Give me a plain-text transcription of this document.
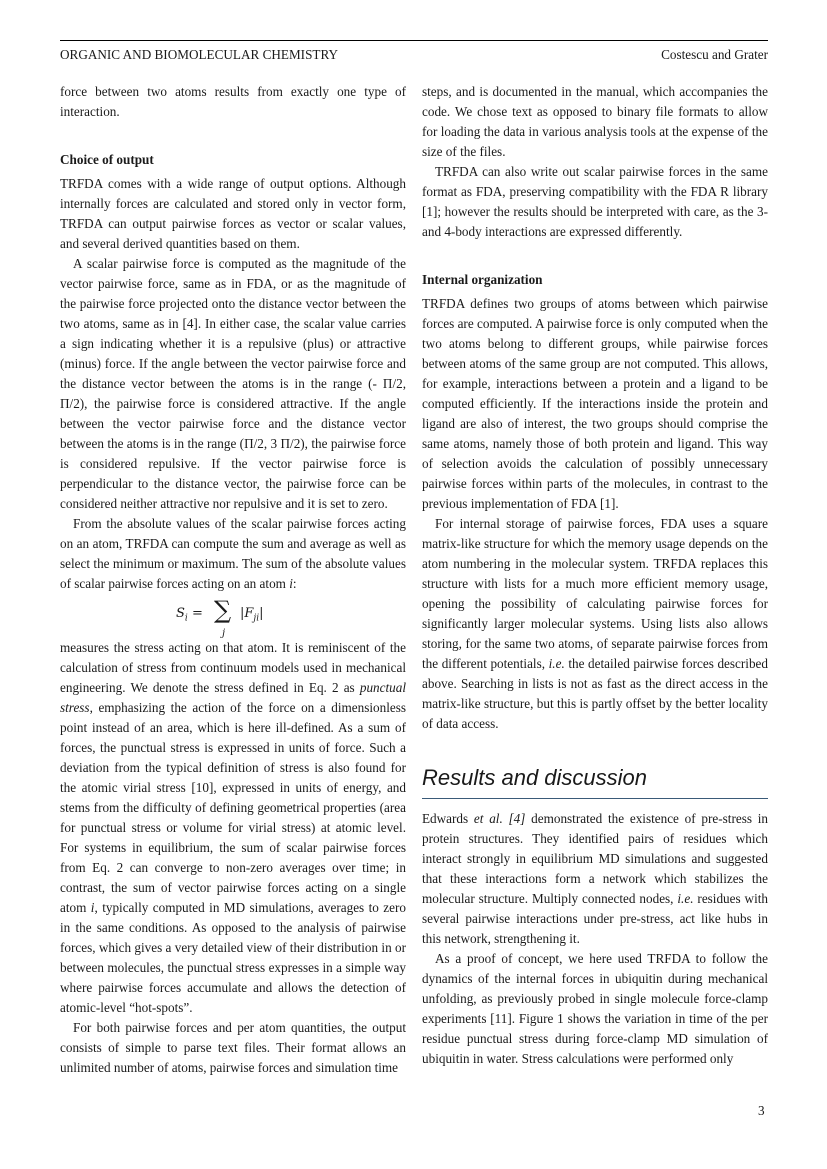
ORGANIC AND BIOMOLECULAR CHEMISTRY	Costescu and Grater

force between two atoms results from exactly one type of interaction.

Choice of output

TRFDA comes with a wide range of output options. Although internally forces are calculated and stored only in vector form, TRFDA can output pairwise forces as vector or scalar values, and several derived quantities based on them.

A scalar pairwise force is computed as the magnitude of the vector pairwise force, same as in FDA, or as the magnitude of the pairwise force projected onto the distance vector between the two atoms, same as in [4]. In either case, the scalar value carries a sign indicating whether it is a repulsive (plus) or attractive (minus) force. If the angle between the vector pairwise force and the distance vector between the atoms is in the range (- Π/2, Π/2), the pairwise force is considered attractive. If the angle between the vector pairwise force and the distance vector between the atoms is in the range (Π/2, 3 Π/2), the pairwise force is considered repulsive. If the vector pairwise force is perpendicular to the distance vector, the pairwise force can be considered neither attractive nor repulsive and it is set to zero.

From the absolute values of the scalar pairwise forces acting on an atom, TRFDA can compute the sum and average as well as select the minimum or maximum. The sum of the absolute values of scalar pairwise forces acting on an atom i:

$S_i$ = ∑
j
$|F_{ji}|$

measures the stress acting on that atom. It is reminiscent of the calculation of stress from continuum models used in mechanical engineering. We denote the stress defined in Eq. 2 as punctual stress, emphasizing the action of the force on a dimensionless point instead of an area, which is here ill-defined. As a sum of forces, the punctual stress is expressed in units of force. Such a deviation from the typical definition of stress is also found for the atomic virial stress [10], expressed in units of energy, and stems from the difficulty of defining geometrical properties (area for punctual stress or volume for virial stress) at atomic level. For systems in equilibrium, the sum of scalar pairwise forces from Eq. 2 can converge to non-zero averages over time; in contrast, the sum of vector pairwise forces acting on a single atom i, typically computed in MD simulations, averages to zero in the same conditions. As opposed to the analysis of pairwise forces, which gives a very detailed view of their distribution in or between molecules, the punctual stress expresses in a simple way where pairwise forces accumulate and allows the detection of atomic-level “hot-spots”.

For both pairwise forces and per atom quantities, the output consists of simple to parse text files. Their format allows an unlimited number of atoms, pairwise forces and simulation time

steps, and is documented in the manual, which accompanies the code. We chose text as opposed to binary file formats to allow for loading the data in various analysis tools at the expense of the size of the files.

TRFDA can also write out scalar pairwise forces in the same format as FDA, preserving compatibility with the FDA R library [1]; however the results should be interpreted with care, as the 3- and 4-body interactions are expressed differently.

Internal organization

TRFDA defines two groups of atoms between which pairwise forces are computed. A pairwise force is only computed when the two atoms belong to different groups, while pairwise forces between atoms of the same group are not computed. This allows, for example, interactions between a protein and a ligand to be computed efficiently. If the interactions inside the protein and ligand are also of interest, the two groups should comprise the same atoms, namely those of both protein and ligand. This way of selection avoids the calculation of possibly unnecessary pairwise forces within parts of the molecules, in contrast to the previous implementation of FDA [1].

For internal storage of pairwise forces, FDA uses a square matrix-like structure for which the memory usage depends on the atom numbering in the molecular system. TRFDA replaces this structure with lists for a much more efficient memory usage, opening the possibility of calculating pairwise forces for significantly larger molecular systems. Using lists also allows storing, for the same two atoms, of separate pairwise forces from the different potentials, i.e. the detailed pairwise forces described above. Searching in lists is not as fast as the direct access in the matrix-like structure, but this is partly offset by the better locality of data access.

Results and discussion

Edwards et al. [4] demonstrated the existence of pre-stress in protein structures. They identified pairs of residues which interact strongly in equilibrium MD simulations and suggested that these interactions form a network which stabilizes the molecular structure. Multiply connected nodes, i.e. residues with several pairwise interactions under pre-stress, act like hubs in this network, strengthening it.

As a proof of concept, we here used TRFDA to follow the dynamics of the internal forces in ubiquitin during mechanical unfolding, as previously probed in single molecule force-clamp experiments [11]. Figure 1 shows the variation in time of the per residue punctual stress during force-clamp MD simulation of ubiquitin in water. Stress calculations were performed only

3
